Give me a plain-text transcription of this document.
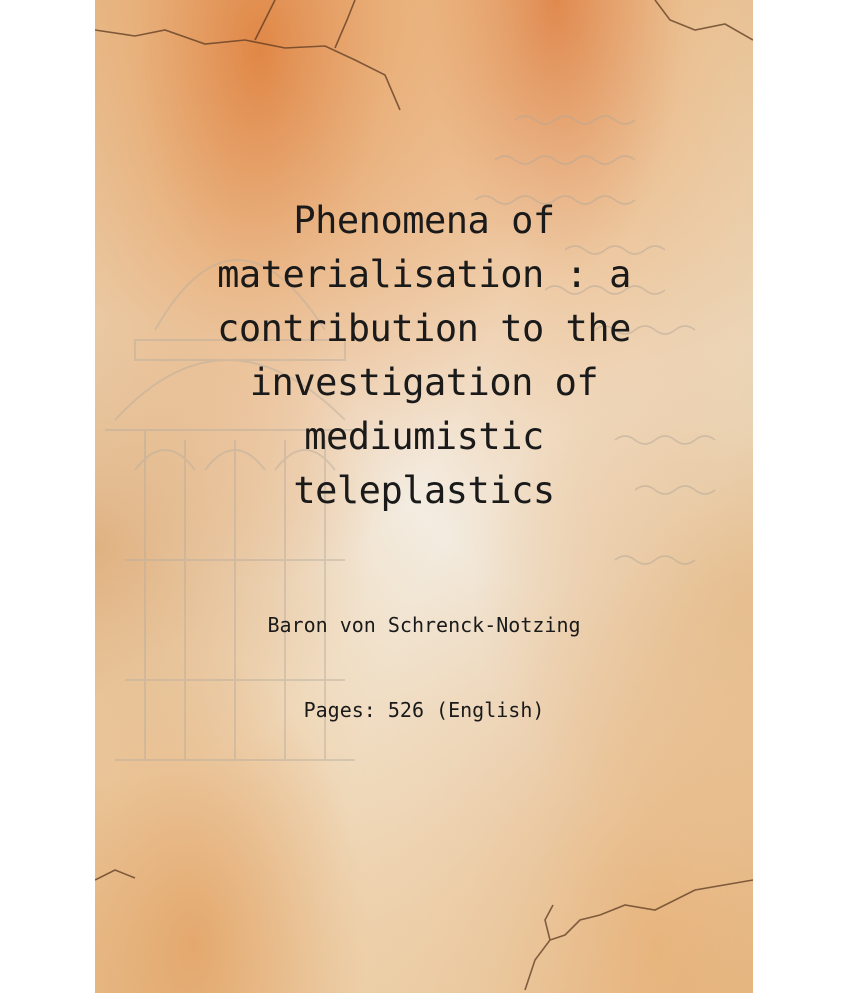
Phenomena of
materialisation : a
contribution to the
investigation of
mediumistic
teleplastics
Baron von Schrenck-Notzing
Pages: 526 (English)
